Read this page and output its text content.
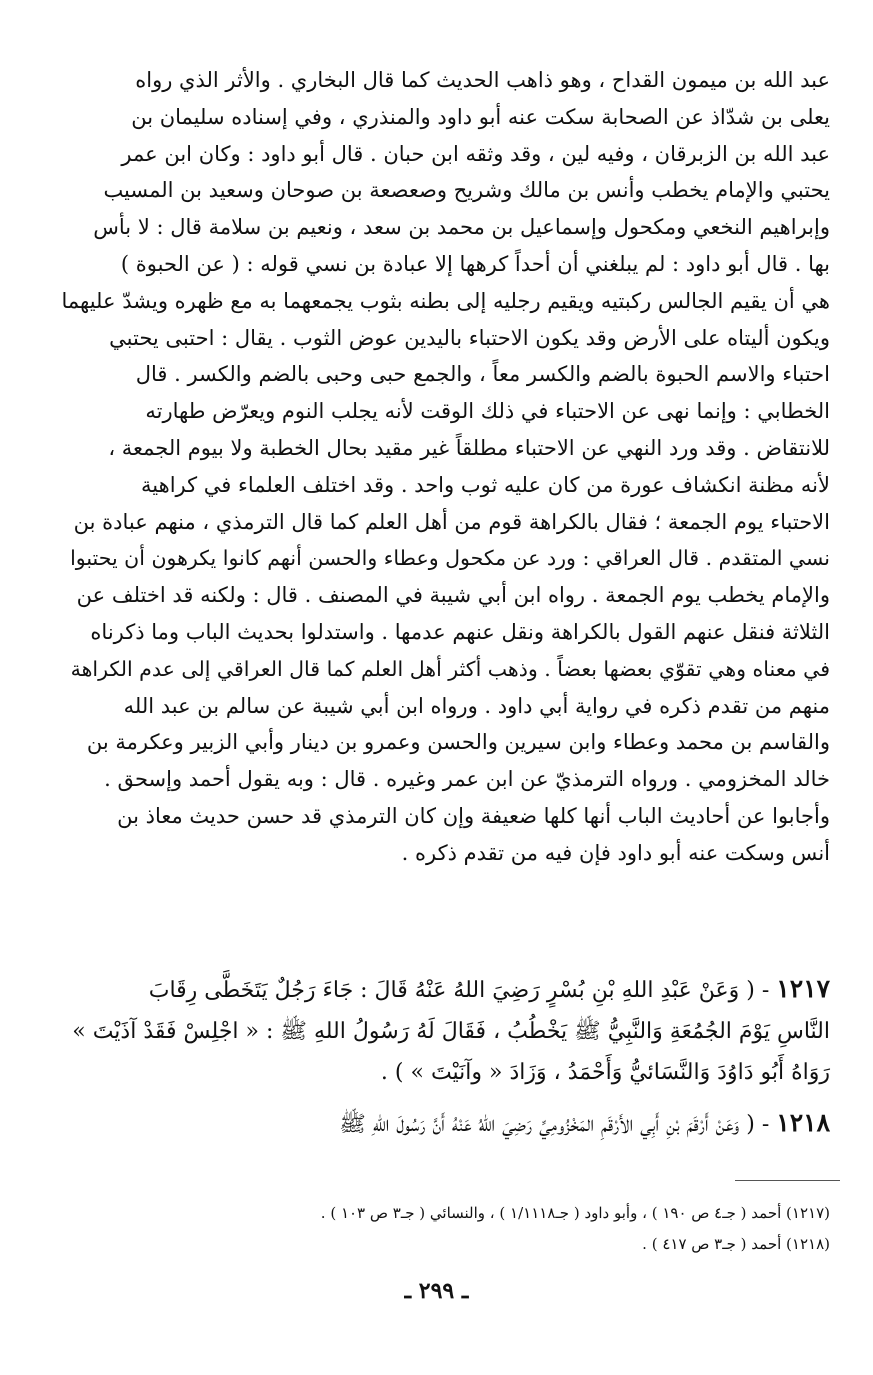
عبد الله بن ميمون القداح ، وهو ذاهب الحديث كما قال البخاري . والأثر الذي رواه
يعلى بن شدّاذ عن الصحابة سكت عنه أبو داود والمنذري ، وفي إسناده سليمان بن
عبد الله بن الزبرقان ، وفيه لين ، وقد وثقه ابن حبان . قال أبو داود : وكان ابن عمر
يحتبي والإمام يخطب وأنس بن مالك وشريح وصعصعة بن صوحان وسعيد بن المسيب
وإبراهيم النخعي ومكحول وإسماعيل بن محمد بن سعد ، ونعيم بن سلامة قال : لا بأس
بها . قال أبو داود : لم يبلغني أن أحداً كرهها إلا عبادة بن نسي قوله : ( عن الحبوة )
هي أن يقيم الجالس ركبتيه ويقيم رجليه إلى بطنه بثوب يجمعهما به مع ظهره ويشدّ عليهما
ويكون أليتاه على الأرض وقد يكون الاحتباء باليدين عوض الثوب . يقال : احتبى يحتبي
احتباء والاسم الحبوة بالضم والكسر معاً ، والجمع حبى وحبى بالضم والكسر . قال
الخطابي : وإنما نهى عن الاحتباء في ذلك الوقت لأنه يجلب النوم ويعرّض طهارته
للانتقاض . وقد ورد النهي عن الاحتباء مطلقاً غير مقيد بحال الخطبة ولا بيوم الجمعة ،
لأنه مظنة انكشاف عورة من كان عليه ثوب واحد . وقد اختلف العلماء في كراهية
الاحتباء يوم الجمعة ؛ فقال بالكراهة قوم من أهل العلم كما قال الترمذي ، منهم عبادة بن
نسي المتقدم . قال العراقي : ورد عن مكحول وعطاء والحسن أنهم كانوا يكرهون أن يحتبوا
والإمام يخطب يوم الجمعة . رواه ابن أبي شيبة في المصنف . قال : ولكنه قد اختلف عن
الثلاثة فنقل عنهم القول بالكراهة ونقل عنهم عدمها . واستدلوا بحديث الباب وما ذكرناه
في معناه وهي تقوّي بعضها بعضاً . وذهب أكثر أهل العلم كما قال العراقي إلى عدم الكراهة
منهم من تقدم ذكره في رواية أبي داود . ورواه ابن أبي شيبة عن سالم بن عبد الله
والقاسم بن محمد وعطاء وابن سيرين والحسن وعمرو بن دينار وأبي الزبير وعكرمة بن
خالد المخزومي . ورواه الترمذيّ عن ابن عمر وغيره . قال : وبه يقول أحمد وإسحق .
وأجابوا عن أحاديث الباب أنها كلها ضعيفة وإن كان الترمذي قد حسن حديث معاذ بن
أنس وسكت عنه أبو داود فإن فيه من تقدم ذكره .
١٢١٧ - ( وَعَنْ عَبْدِ اللهِ بْنِ بُسْرٍ رَضِيَ اللهُ عَنْهُ قَالَ : جَاءَ رَجُلٌ يَتَخَطَّى رِقَابَ
النَّاسِ يَوْمَ الجُمُعَةِ وَالنَّبِيُّ ﷺ يَخْطُبُ ، فَقَالَ لَهُ رَسُولُ اللهِ ﷺ : « اجْلِسْ فَقَدْ آذَيْتَ »
رَوَاهُ أَبُو دَاوُدَ وَالنَّسَائيُّ وَأَحْمَدُ ، وَزَادَ « وآنَيْتَ » ) .
١٢١٨ - ( وَعَنْ أَرْقَمَ بْنِ أَبِي الأَرْقَمِ المَخْزُومِيِّ رَضِيَ اللهُ عَنْهُ أَنَّ رَسُولَ اللهِ ﷺ
(١٢١٧) أحمد ( جـ٤ ص ١٩٠ ) ، وأبو داود ( جـ١/١١١٨ ) ، والنسائي ( جـ٣ ص ١٠٣ ) .
(١٢١٨) أحمد ( جـ٣ ص ٤١٧ ) .
ـ ٢٩٩ ـ
